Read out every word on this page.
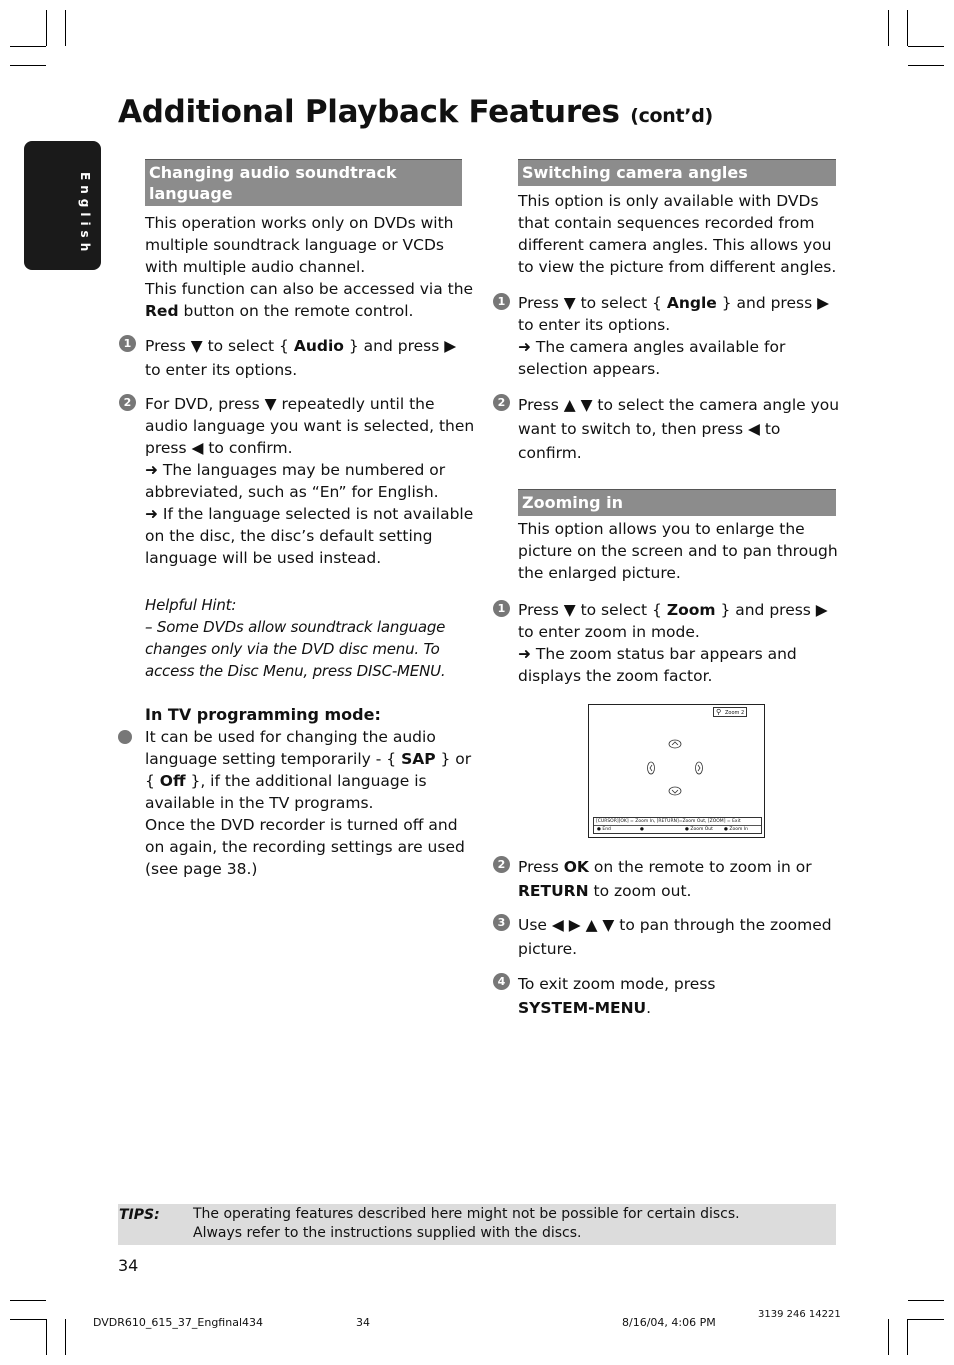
Additional Playback Features (cont’d)
English	Changing audio soundtrack language
This operation works only on DVDs with
multiple soundtrack language or VCDs
with multiple audio channel.
This function can also be accessed via the
Red button on the remote control.
1 Press ▼ to select { Audio } and press ▶
to enter its options.
2 For DVD, press ▼ repeatedly until the
audio language you want is selected, then
press ◀ to confirm.
➜ The languages may be numbered or
abbreviated, such as “En” for English.
➜ If the language selected is not available
on the disc, the disc’s default setting
language will be used instead.
Helpful Hint:
– Some DVDs allow soundtrack language
changes only via the DVD disc menu. To
access the Disc Menu, press DISC-MENU.
In TV programming mode:
It can be used for changing the audio
language setting temporarily - { SAP } or
{ Off }, if the additional language is
available in the TV programs.
Once the DVD recorder is turned off and
on again, the recording settings are used
(see page 38.)
Switching camera angles
This option is only available with DVDs
that contain sequences recorded from
different camera angles. This allows you
to view the picture from different angles.
1 Press ▼ to select { Angle } and press ▶
to enter its options.
➜ The camera angles available for
selection appears.
2 Press ▲ ▼ to select the camera angle you
want to switch to, then press ◀ to
confirm.
Zooming in
This option allows you to enlarge the
picture on the screen and to pan through
the enlarged picture.
1 Press ▼ to select { Zoom } and press ▶
to enter zoom in mode.
➜ The zoom status bar appears and
displays the zoom factor.
⚲ Zoom 2
[CURSOR][OK] = Zoom In, [RETURN]=Zoom Out, [ZOOM] = Exit
● End	●	● Zoom Out ● Zoom In
2 Press OK on the remote to zoom in or
RETURN to zoom out.
3 Use ◀ ▶ ▲ ▼ to pan through the zoomed
picture.
4 To exit zoom mode, press
SYSTEM-MENU.
TIPS: The operating features described here might not be possible for certain discs.
Always refer to the instructions supplied with the discs.
34
DVDR610_615_37_Engfinal434	34	8/16/04, 4:06 PM
3139 246 14221
